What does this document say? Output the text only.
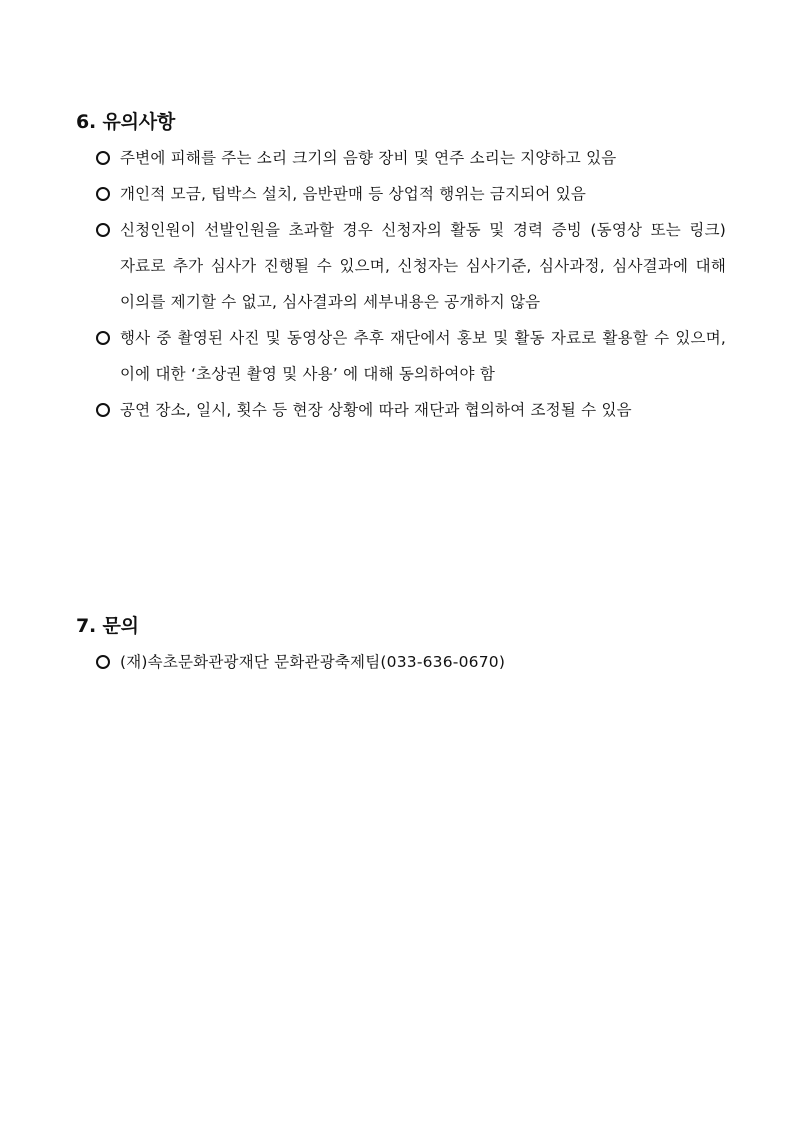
6. 유의사항
주변에 피해를 주는 소리 크기의 음향 장비 및 연주 소리는 지양하고 있음
개인적 모금, 팁박스 설치, 음반판매 등 상업적 행위는 금지되어 있음
신청인원이 선발인원을 초과할 경우 신청자의 활동 및 경력 증빙 (동영상 또는 링크) 자료로 추가 심사가 진행될 수 있으며, 신청자는 심사기준, 심사과정, 심사결과에 대해 이의를 제기할 수 없고, 심사결과의 세부내용은 공개하지 않음
행사 중 촬영된 사진 및 동영상은 추후 재단에서 홍보 및 활동 자료로 활용할 수 있으며, 이에 대한 ‘초상권 촬영 및 사용’ 에 대해 동의하여야 함
공연 장소, 일시, 횟수 등 현장 상황에 따라 재단과 협의하여 조정될 수 있음
7. 문의
(재)속초문화관광재단 문화관광축제팀(033-636-0670)
